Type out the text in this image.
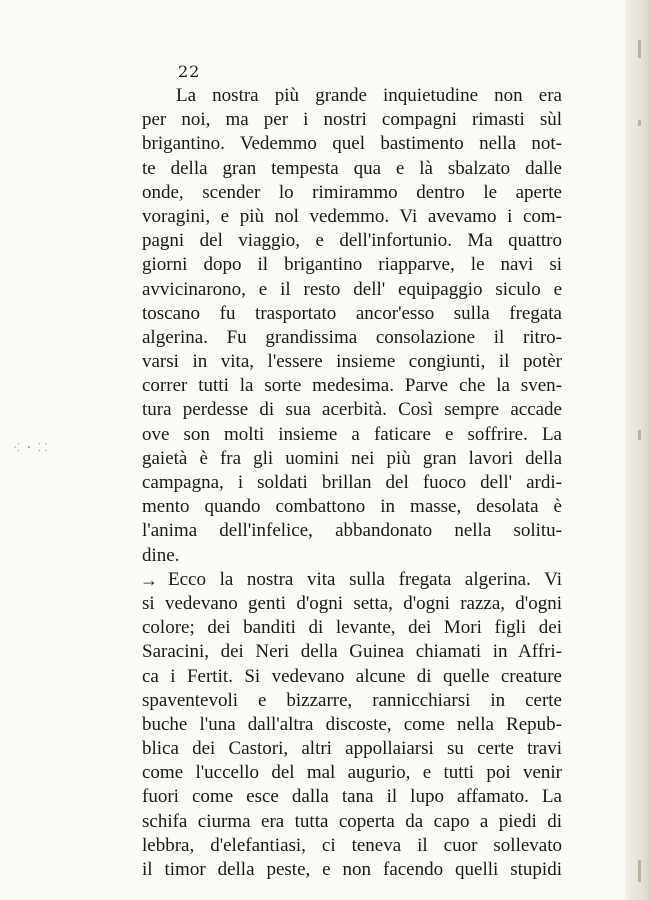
22
⁖ ꞏ ⸬
La nostra più grande inquietudine non era
per noi, ma per i nostri compagni rimasti sùl
brigantino. Vedemmo quel bastimento nella not-
te della gran tempesta qua e là sbalzato dalle
onde, scender lo rimirammo dentro le aperte
voragini, e più nol vedemmo. Vi avevamo i com-
pagni del viaggio, e dell'infortunio. Ma quattro
giorni dopo il brigantino riapparve, le navi si
avvicinarono, e il resto dell' equipaggio siculo e
toscano fu trasportato ancor'esso sulla fregata
algerina. Fu grandissima consolazione il ritro-
varsi in vita, l'essere insieme congiunti, il potèr
correr tutti la sorte medesima. Parve che la sven-
tura perdesse di sua acerbità. Così sempre accade
ove son molti insieme a faticare e soffrire. La
gaietà è fra gli uomini nei più gran lavori della
campagna, i soldati brillan del fuoco dell' ardi-
mento quando combattono in masse, desolata è
l'anima dell'infelice, abbandonato nella solitu-
dine.
→ Ecco la nostra vita sulla fregata algerina. Vi
si vedevano genti d'ogni setta, d'ogni razza, d'ogni
colore; dei banditi di levante, dei Mori figli dei
Saracini, dei Neri della Guinea chiamati in Affri-
ca i Fertit. Si vedevano alcune di quelle creature
spaventevoli e bizzarre, rannicchiarsi in certe
buche l'una dall'altra discoste, come nella Repub-
blica dei Castori, altri appollaiarsi su certe travi
come l'uccello del mal augurio, e tutti poi venir
fuori come esce dalla tana il lupo affamato. La
schifa ciurma era tutta coperta da capo a piedi di
lebbra, d'elefantiasi, ci teneva il cuor sollevato
il timor della peste, e non facendo quelli stupidi
